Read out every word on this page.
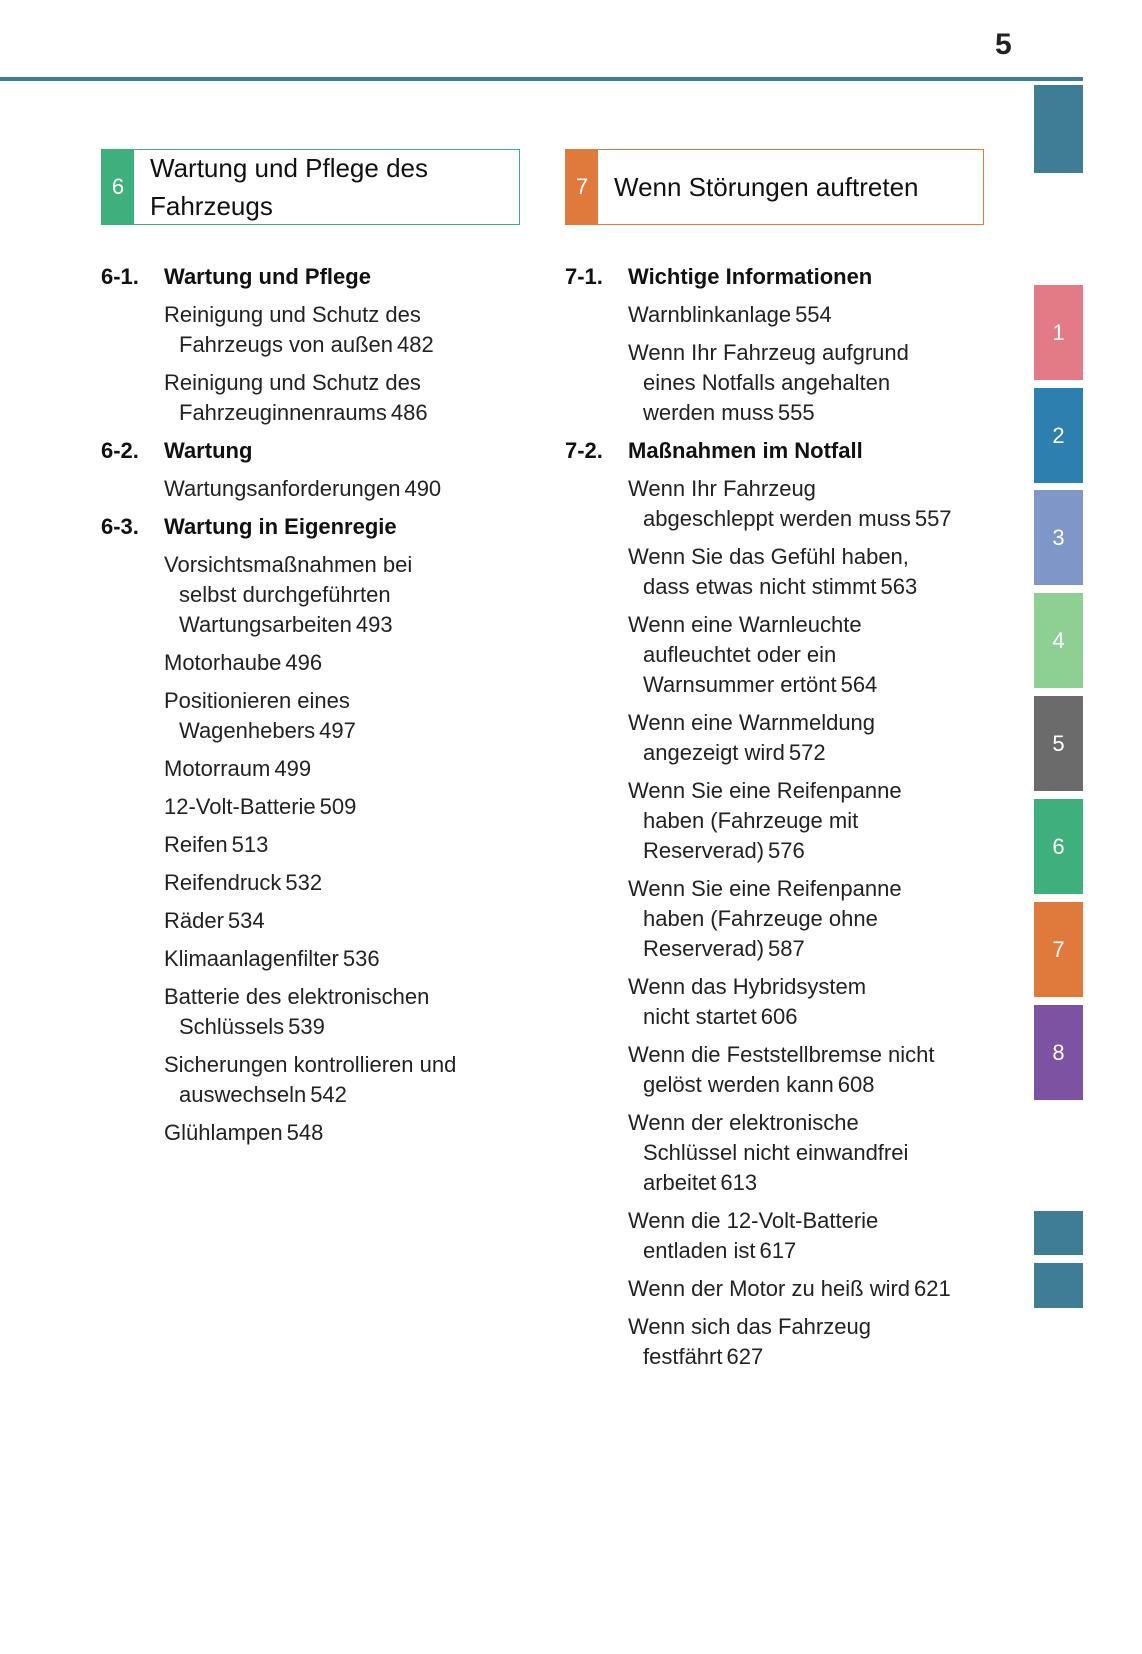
5
1
2
3
4
5
6
7
8
6
Wartung und Pflege des
Fahrzeugs
6-1.	Wartung und Pflege
Reinigung und Schutz des
Fahrzeugs von außen 482
Reinigung und Schutz des
Fahrzeuginnenraums 486
6-2.	Wartung
Wartungsanforderungen 490
6-3.	Wartung in Eigenregie
Vorsichtsmaßnahmen bei
selbst durchgeführten
Wartungsarbeiten 493
Motorhaube 496
Positionieren eines
Wagenhebers 497
Motorraum 499
12-Volt-Batterie 509
Reifen 513
Reifendruck 532
Räder 534
Klimaanlagenfilter 536
Batterie des elektronischen
Schlüssels 539
Sicherungen kontrollieren und
auswechseln 542
Glühlampen 548
7 Wenn Störungen auftreten
7-1.	Wichtige Informationen
Warnblinkanlage 554
Wenn Ihr Fahrzeug aufgrund
eines Notfalls angehalten
werden muss 555
7-2.	Maßnahmen im Notfall
Wenn Ihr Fahrzeug
abgeschleppt werden muss 557
Wenn Sie das Gefühl haben,
dass etwas nicht stimmt 563
Wenn eine Warnleuchte
aufleuchtet oder ein
Warnsummer ertönt 564
Wenn eine Warnmeldung
angezeigt wird 572
Wenn Sie eine Reifenpanne
haben (Fahrzeuge mit
Reserverad) 576
Wenn Sie eine Reifenpanne
haben (Fahrzeuge ohne
Reserverad) 587
Wenn das Hybridsystem
nicht startet 606
Wenn die Feststellbremse nicht
gelöst werden kann 608
Wenn der elektronische
Schlüssel nicht einwandfrei
arbeitet 613
Wenn die 12-Volt-Batterie
entladen ist 617
Wenn der Motor zu heiß wird 621
Wenn sich das Fahrzeug
festfährt 627
